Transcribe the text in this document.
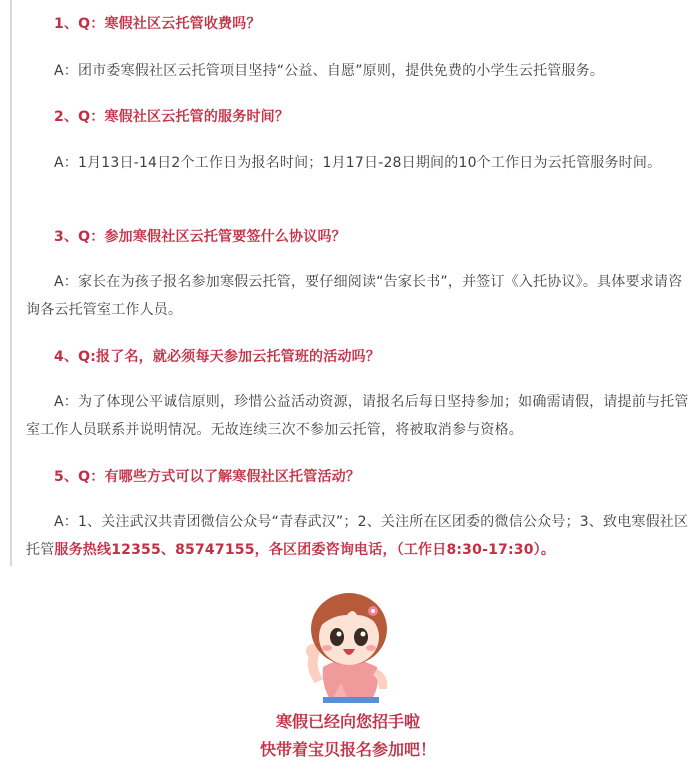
1、Q：寒假社区云托管收费吗？

A：团市委寒假社区云托管项目坚持“公益、自愿”原则，提供免费的小学生云托管服务。

2、Q：寒假社区云托管的服务时间？

A：1月13日-14日2个工作日为报名时间；1月17日-28日期间的10个工作日为云托管服务时间。

3、Q：参加寒假社区云托管要签什么协议吗？

A：家长在为孩子报名参加寒假云托管，要仔细阅读“告家长书”，并签订《入托协议》。具体要求请咨询各云托管室工作人员。

4、Q:报了名，就必须每天参加云托管班的活动吗？

A：为了体现公平诚信原则，珍惜公益活动资源，请报名后每日坚持参加；如确需请假，请提前与托管室工作人员联系并说明情况。无故连续三次不参加云托管，将被取消参与资格。

5、Q：有哪些方式可以了解寒假社区托管活动？

A：1、关注武汉共青团微信公众号“青春武汉”；2、关注所在区团委的微信公众号；3、致电寒假社区托管服务热线12355、85747155，各区团委咨询电话，（工作日8:30-17:30）。

寒假已经向您招手啦

快带着宝贝报名参加吧！
